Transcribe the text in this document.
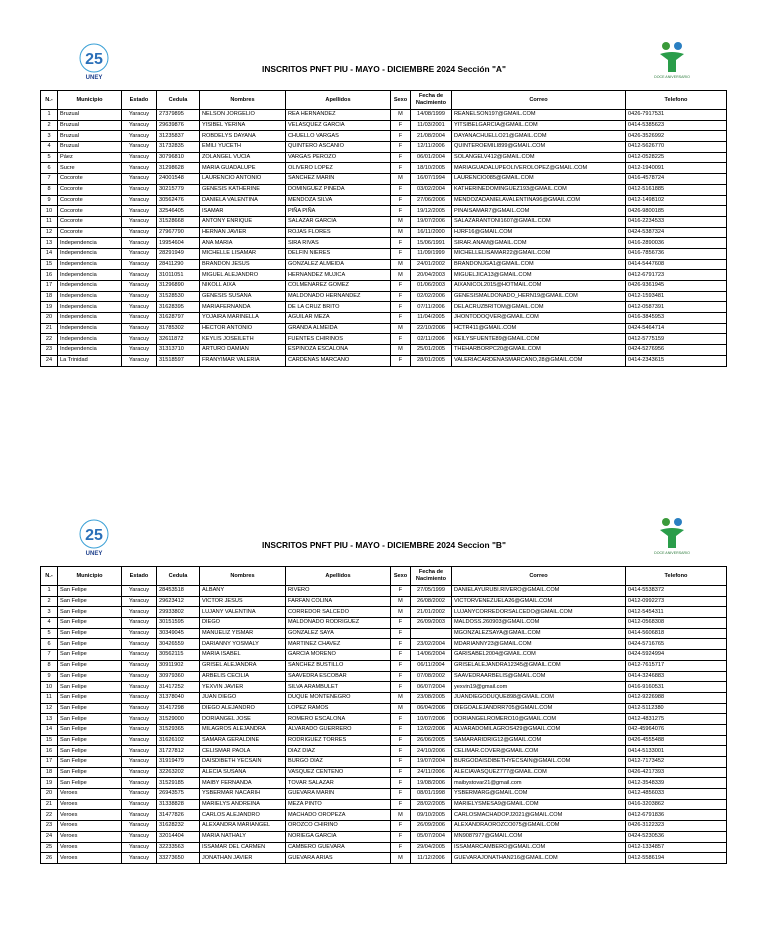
25
UNEY	DOCE ANIVERSARIO
INSCRITOS PNFT PIU - MAYO - DICIEMBRE 2024 Sección "A"
N.-	Municipio	Estado	Cedula	Nombres	Apellidos	Sexo	Fecha de Nacimiento	Correo	Telefono
1	Bruzual	Yaracuy	27379895	NELSON JORGELIO	REA HERNANDEZ	M	14/08/1999	REANELSON197@GMAIL.COM	0426-7917531
2	Bruzual	Yaracuy	29639876	YISIBEL YERINA	VELASQUEZ GARCIA	F	11/03/2001	YITSIBELGARCIA@GMAIL.COM	0414-5385623
3	Bruzual	Yaracuy	31235837	ROBDELYS DAYANA	CHUELLO VARGAS	F	21/08/2004	DAYANACHUELLO21@GMAIL.COM	0426-3526992
4	Bruzual	Yaracuy	31732835	EMILI YUCETH	QUINTERO ASCANIO	F	12/11/2006	QUINTEROEMILI899@GMAIL.COM	0412-5626770
5	Páez	Yaracuy	30796810	ZOLANGEL VUCIA	VARGAS PEROZO	F	06/01/2004	SOLANGELV412@GMAIL.COM	0412-0528225
6	Sucre	Yaracuy	31298628	MARIA GUADALUPE	OLIVERO LOPEZ	F	18/10/2005	MARIAGUADALUPEOLIVEROLOPEZ@GMAIL.COM	0412-1940091
7	Cocorote	Yaracuy	24001548	LAURENCIO ANTONIO	SANCHEZ MARIN	M	16/07/1994	LAURENCIO085@GMAIL.COM	0416-4578724
8	Cocorote	Yaracuy	30215779	GENESIS KATHERINE	DOMINGUEZ PINEDA	F	03/02/2004	KATHERINEDOMINGUEZ193@GMAIL.COM	0412-5161885
9	Cocorote	Yaracuy	30562476	DANIELA VALENTINA	MENDOZA SILVA	F	27/06/2006	MENDOZADANIELAVALENTINA96@GMAIL.COM	0412-1498102
10	Cocorote	Yaracuy	32546405	ISAMAR	PIÑA PIÑA	F	19/12/2005	PINAISAMAR7@GMAIL.COM	0426-9800185
11	Cocorote	Yaracuy	31528668	ANTONY ENRIQUE	SALAZAR GARCIA	M	19/07/2006	SALAZARANTONI1607@GMAIL.COM	0416-2234533
12	Cocorote	Yaracuy	27967790	HERNAN JAVIER	ROJAS FLORES	M	16/11/2000	HJRF16@GMAIL.COM	0424-5387324
13	Independencia	Yaracuy	19954604	ANA MARIA	SIRA RIVAS	F	15/06/1991	SIRAR.ANAM@GMAIL.COM	0416-2890036
14	Independencia	Yaracuy	28291949	MICHELLE LISAMAR	DELFIN NIERES	F	11/09/1999	MICHELLELISAMAR22@GMAIL.COM	0416-7856736
15	Independencia	Yaracuy	28411290	BRANDON JESUS	GONZALEZ ALMEIDA	M	24/01/2002	BRANDONJGA1@GMAIL.COM	0414-5447608
16	Independencia	Yaracuy	31011051	MIGUEL ALEJANDRO	HERNANDEZ MUJICA	M	20/04/2003	MIGUELJICA13@GMAIL.COM	0412-6791723
17	Independencia	Yaracuy	31296890	NIKOLL AIXA	COLMENAREZ GOMEZ	F	01/06/2003	AIXANICOL2015@HOTMAIL.COM	0426-9361945
18	Independencia	Yaracuy	31528530	GENESIS SUSANA	MALDONADO HERNANDEZ	F	02/02/2006	GENESISMALDONADO_HERN19@GMAIL.COM	0412-1593481
19	Independencia	Yaracuy	31628395	MARIAFERNANDA	DE LA CRUZ BRITO	F	07/11/2006	DELACRUZBRITOM@GMAIL.COM	0412-0587391
20	Independencia	Yaracuy	31628797	YOJAIRA MARINELLA	AGUILAR MEZA	F	11/04/2005	JHONTODOQVER@GMAIL.COM	0416-3845953
21	Independencia	Yaracuy	31785302	HECTOR ANTONIO	GRANDA ALMEIDA	M	22/10/2006	HCTR411@GMAIL.COM	0424-5464714
22	Independencia	Yaracuy	32611872	KEYLIS JOSEILETH	FUENTES CHIRINOS	F	02/11/2006	KEILYSFUENTE89@GMAIL.COM	0412-5775159
23	Independencia	Yaracuy	31313710	ARTURO DAMIAN	ESPINOZA ESCALONA	M	25/01/2005	THEHARBORPC20@GMAIL.COM	0424-5276956
24	La Trinidad	Yaracuy	31518597	FRANYIMAR VALERIA	CARDENAS MARCANO	F	28/01/2005	VALERIACARDENASMARCANO,28@GMAIL.COM	0414-2343615
25
UNEY	DOCE ANIVERSARIO
INSCRITOS PNFT PIU - MAYO - DICIEMBRE 2024 Seccion "B"
N.-	Municipio	Estado	Cedula	Nombres	Apellidos	Sexo	Fecha de Nacimiento	Correo	Telefono
1	San Felipe	Yaracuy	28453518	ALBANY	RIVERO	F	27/05/1999	DANIELAYURUBI.RIVERO@GMAIL.COM	0414-5538372
2	San Felipe	Yaracuy	29623412	VICTOR JESUS	FARFAN COLINA	M	26/08/2002	VICTORVENEZUELA26@GMAIL.COM	0412-0992273
3	San Felipe	Yaracuy	29933802	LUJANY VALENTINA	CORREDOR SALCEDO	M	21/01/2002	LUJANYCORREDORSALCEDO@GMAIL.COM	0412-5454311
4	San Felipe	Yaracuy	30151595	DIEGO	MALDONADO RODRIGUEZ	F	26/09/2003	MALDOSS.260903@GMAIL.COM	0412-0568308
5	San Felipe	Yaracuy	30349045	MANUELIZ YISMAR	GONZALEZ SAYA	F		MGONZALEZSAYA@GMAIL.COM	0414-5606818
6	San Felipe	Yaracuy	30426559	DARIANNY YOSMALY	MARTINEZ CHAVEZ	F	23/02/2004	MDARIANNY23@GMAIL.COM	0424-5716765
7	San Felipe	Yaracuy	30562115	MARIA ISABEL	GARCIA MORENO	F	14/06/2004	GARISABEL2004@GMAIL.COM	0424-5924994
8	San Felipe	Yaracuy	30911902	GRISEL ALEJANDRA	SANCHEZ BUSTILLO	F	06/11/2004	GRISELALEJANDRA12345@GMAIL.COM	0412-7615717
9	San Felipe	Yaracuy	30979360	ARBELIS CECILIA	SAAVEDRA ESCOBAR	F	07/08/2002	SAAVEDRAARBELIS@GMAIL.COM	0414-3246883
10	San Felipe	Yaracuy	31417252	YEXVIN JAVIER	SILVA ARAMBULET	F	06/07/2004	yexvin19@gmail.com	0416-9160531
11	San Felipe	Yaracuy	31378040	JUAN DIEGO	DUQUE MONTENEGRO	M	23/08/2005	JUANDIEGODUQUE898@GMAIL.COM	0412-9226988
12	San Felipe	Yaracuy	31417298	DIEGO ALEJANDRO	LOPEZ RAMOS	M	06/04/2006	DIEGOALEJANDRR705@GMAIL.COM	0412-5112380
13	San Felipe	Yaracuy	31529000	DORIANGEL JOSE	ROMERO ESCALONA	F	10/07/2006	DORIANGELROMERO10@GMAIL.COM	0412-4831275
14	San Felipe	Yaracuy	31529365	MILAGROS ALEJANDRA	ALVARADO GUERRERO	F	12/02/2006	ALVARADOMILAGROS429@GMAIL.COM	042-45964076
15	San Felipe	Yaracuy	31626102	SAMARA GERALDINE	RODRIGUEZ TORRES	F	26/06/2005	SAMARARIDRIG12@GMAIL.COM	0426-4555488
16	San Felipe	Yaracuy	31727812	CELISMAR PAOLA	DIAZ DIAZ	F	24/10/2006	CELIMAR.COVER@GMAIL.COM	0414-5133001
17	San Felipe	Yaracuy	31919479	DAISDIBETH YECSAIN	BURGO DIAZ	F	19/07/2004	BURGODAISDIBETHYECSAIN@GMAIL.COM	0412-7173452
18	San Felipe	Yaracuy	32263202	ALECIA SUSANA	VASQUEZ CENTENO	F	24/11/2006	ALECIAVASQUEZ777@GMAIL.COM	0426-4217393
19	San Felipe	Yaracuy	31529185	MAIBY FERNANDA	TOVAR SALAZAR	F	19/08/2006	maibystovar21@gmail.com	0412-3548339
20	Veroes	Yaracuy	26943575	YSBERMAR NACARIH	GUEVARA MARIN	F	08/01/1998	YSBERMARG@GMAIL.COM	0412-4856033
21	Veroes	Yaracuy	31338828	MARIELYS ANDREINA	MEZA PINTO	F	28/02/2005	MARIELYSMESA9@GMAIL.COM	0416-3203862
22	Veroes	Yaracuy	31477826	CARLOS ALEJANDRO	MACHADO OROPEZA	M	09/10/2005	CARLOSMACHADOPJ2021@GMAIL.COM	0412-6791836
23	Veroes	Yaracuy	31628232	ALEXANDRA MARIANGEL	OROZCO CHIRINO	F	26/09/2006	ALEXANDRAOROZCO075@GMAIL.COM	0426-3122323
24	Veroes	Yaracuy	32014404	MARIA NATHALY	NORIEGA GARCIA	F	05/07/2004	MN9087977@GMAIL.COM	0424-5230536
25	Veroes	Yaracuy	32233563	ISSAMAR DEL CARMEN	CAMBERO GUEVARA	F	29/04/2005	ISSAMARCAMBERO@GMAIL.COM	0412-1334857
26	Veroes	Yaracuy	33273650	JONATHAN JAVIER	GUEVARA ARIAS	M	11/12/2006	GUEVARAJONATHAN216@GMAIL.COM	0412-5586194
